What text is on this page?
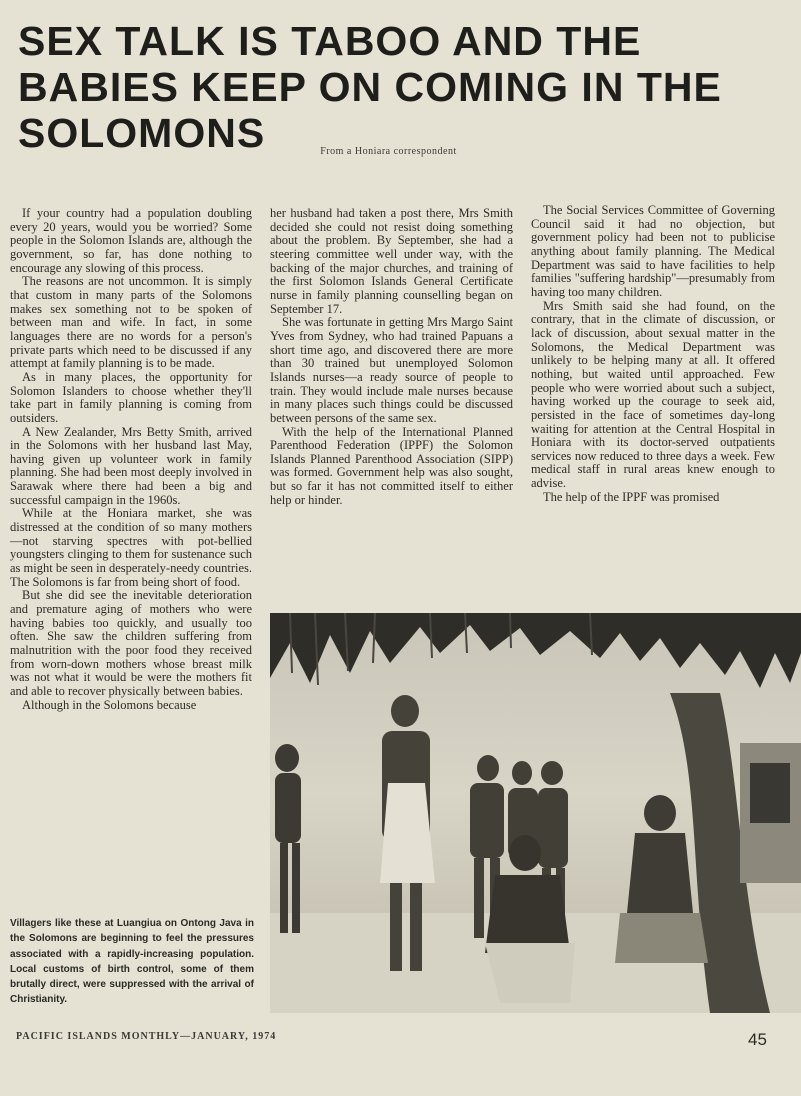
SEX TALK IS TABOO AND THE BABIES KEEP ON COMING IN THE SOLOMONS	From a Honiara correspondent

If your country had a population doubling every 20 years, would you be worried? Some people in the Solomon Islands are, although the government, so far, has done nothing to encourage any slowing of this process.

The reasons are not uncommon. It is simply that custom in many parts of the Solomons makes sex something not to be spoken of between man and wife. In fact, in some languages there are no words for a person's private parts which need to be discussed if any attempt at family planning is to be made.

As in many places, the opportunity for Solomon Islanders to choose whether they'll take part in family planning is coming from outsiders.

A New Zealander, Mrs Betty Smith, arrived in the Solomons with her husband last May, having given up volunteer work in family planning. She had been most deeply involved in Sarawak where there had been a big and successful campaign in the 1960s.

While at the Honiara market, she was distressed at the condition of so many mothers—not starving spectres with pot-bellied youngsters clinging to them for sustenance such as might be seen in desperately-needy countries. The Solomons is far from being short of food.

But she did see the inevitable deterioration and premature aging of mothers who were having babies too quickly, and usually too often. She saw the children suffering from malnutrition with the poor food they received from worn-down mothers whose breast milk was not what it would be were the mothers fit and able to recover physically between babies.

Although in the Solomons because

her husband had taken a post there, Mrs Smith decided she could not resist doing something about the problem. By September, she had a steering committee well under way, with the backing of the major churches, and training of the first Solomon Islands General Certificate nurse in family planning counselling began on September 17.

She was fortunate in getting Mrs Margo Saint Yves from Sydney, who had trained Papuans a short time ago, and discovered there are more than 30 trained but unemployed Solomon Islands nurses—a ready source of people to train. They would include male nurses because in many places such things could be discussed between persons of the same sex.

With the help of the International Planned Parenthood Federation (IPPF) the Solomon Islands Planned Parenthood Association (SIPP) was formed. Government help was also sought, but so far it has not committed itself to either help or hinder.

The Social Services Committee of Governing Council said it had no objection, but government policy had been not to publicise anything about family planning. The Medical Department was said to have facilities to help families "suffering hardship"—presumably from having too many children.

Mrs Smith said she had found, on the contrary, that in the climate of discussion, or lack of discussion, about sexual matter in the Solomons, the Medical Department was unlikely to be helping many at all. It offered nothing, but waited until approached. Few people who were worried about such a subject, having worked up the courage to seek aid, persisted in the face of sometimes day-long waiting for attention at the Central Hospital in Honiara with its doctor-served outpatients services now reduced to three days a week. Few medical staff in rural areas knew enough to advise.

The help of the IPPF was promised

Villagers like these at Luangiua on Ontong Java in the Solomons are beginning to feel the pressures associated with a rapidly-increasing population. Local customs of birth control, some of them brutally direct, were suppressed with the arrival of Christianity.
PACIFIC ISLANDS MONTHLY—JANUARY, 1974	45
